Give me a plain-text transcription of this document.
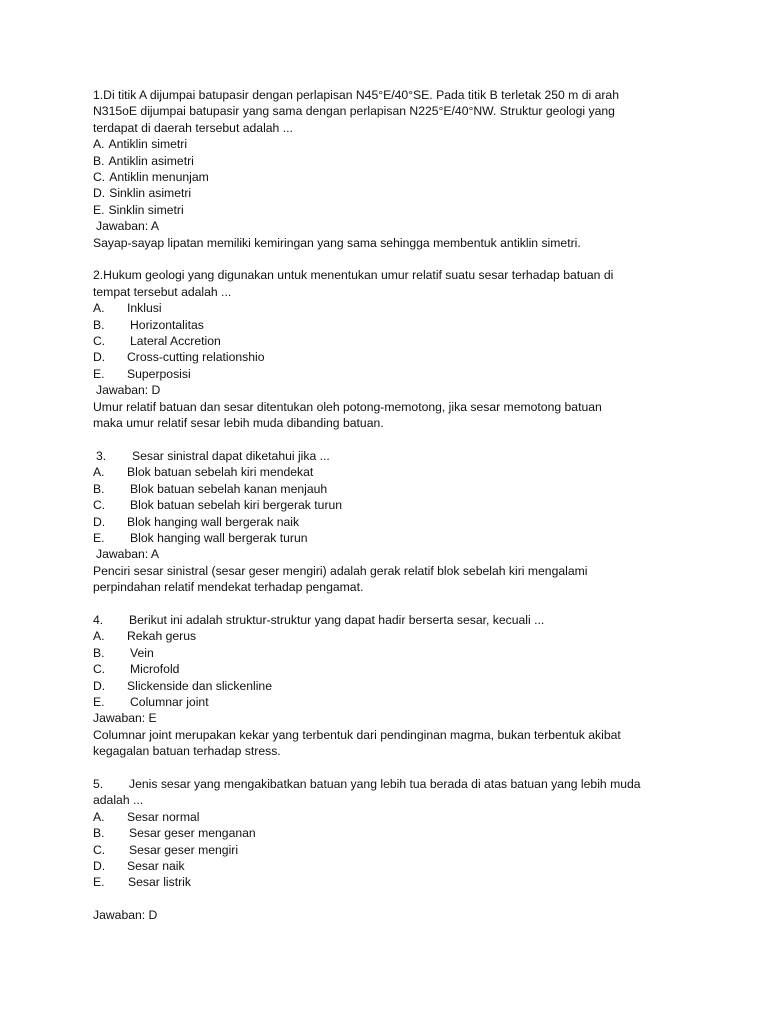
1.Di titik A dijumpai batupasir dengan perlapisan N45°E/40°SE. Pada titik B terletak 250 m di arah
N315oE dijumpai batupasir yang sama dengan perlapisan N225°E/40°NW. Struktur geologi yang
terdapat di daerah tersebut adalah ...
A. Antiklin simetri
B. Antiklin asimetri
C. Antiklin menunjam
D. Sinklin asimetri
E. Sinklin simetri
Jawaban: A
Sayap-sayap lipatan memiliki kemiringan yang sama sehingga membentuk antiklin simetri.
2.Hukum geologi yang digunakan untuk menentukan umur relatif suatu sesar terhadap batuan di
tempat tersebut adalah ...
A. Inklusi
B. Horizontalitas
C. Lateral Accretion
D. Cross-cutting relationshio
E. Superposisi
Jawaban: D
Umur relatif batuan dan sesar ditentukan oleh potong-memotong, jika sesar memotong batuan
maka umur relatif sesar lebih muda dibanding batuan.
3. Sesar sinistral dapat diketahui jika ...
A. Blok batuan sebelah kiri mendekat
B. Blok batuan sebelah kanan menjauh
C. Blok batuan sebelah kiri bergerak turun
D. Blok hanging wall bergerak naik
E. Blok hanging wall bergerak turun
Jawaban: A
Penciri sesar sinistral (sesar geser mengiri) adalah gerak relatif blok sebelah kiri mengalami
perpindahan relatif mendekat terhadap pengamat.
4. Berikut ini adalah struktur-struktur yang dapat hadir berserta sesar, kecuali ...
A. Rekah gerus
B. Vein
C. Microfold
D. Slickenside dan slickenline
E. Columnar joint
Jawaban: E
Columnar joint merupakan kekar yang terbentuk dari pendinginan magma, bukan terbentuk akibat
kegagalan batuan terhadap stress.
5. Jenis sesar yang mengakibatkan batuan yang lebih tua berada di atas batuan yang lebih muda
adalah ...
A. Sesar normal
B. Sesar geser menganan
C. Sesar geser mengiri
D. Sesar naik
E. Sesar listrik
Jawaban: D
